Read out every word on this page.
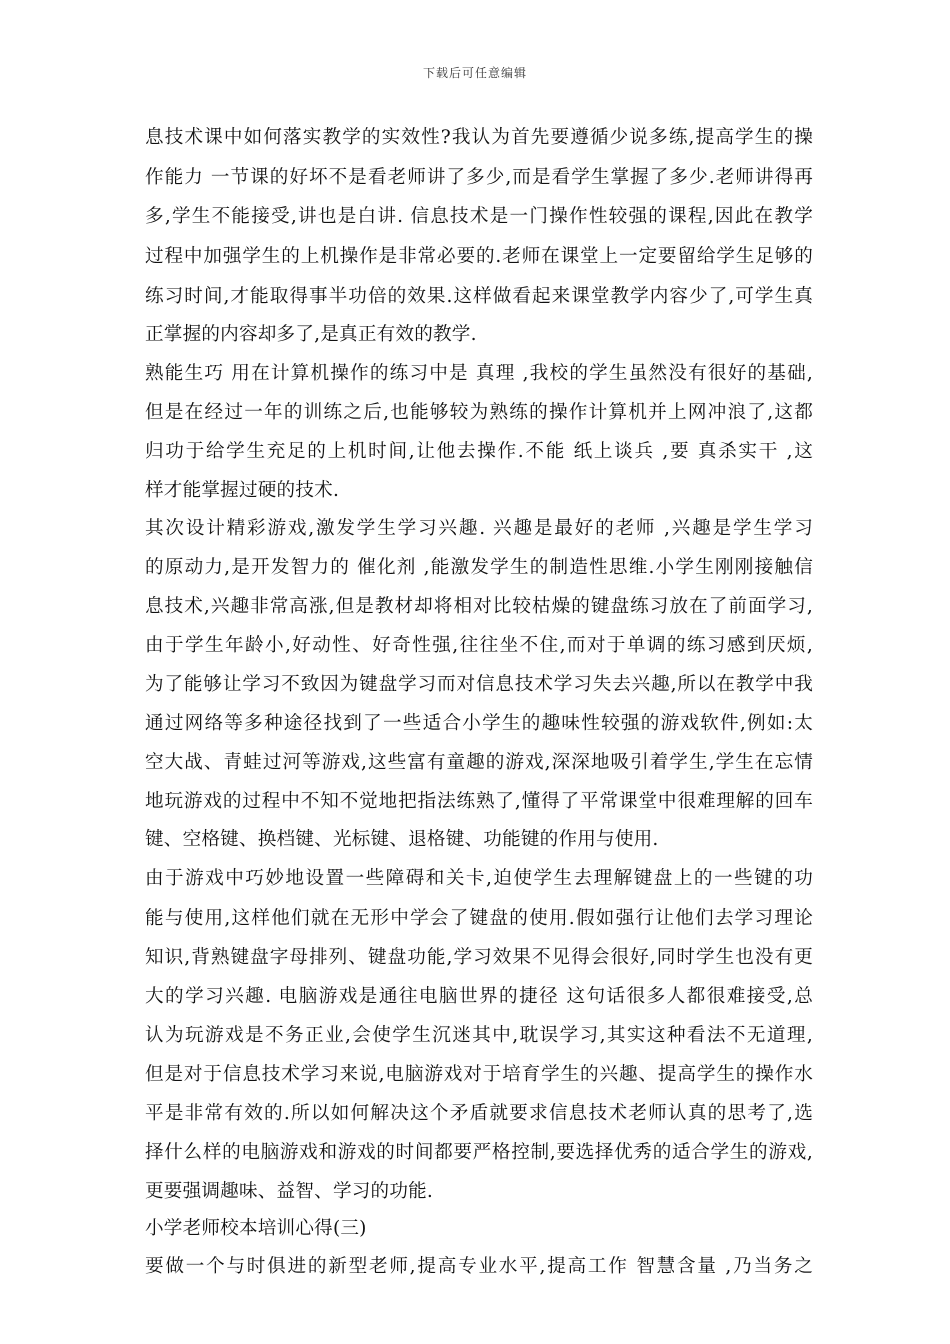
下载后可任意编辑
息技术课中如何落实教学的实效性?我认为首先要遵循少说多练,提高学生的操
作能力 一节课的好坏不是看老师讲了多少,而是看学生掌握了多少.老师讲得再
多,学生不能接受,讲也是白讲. 信息技术是一门操作性较强的课程,因此在教学
过程中加强学生的上机操作是非常必要的.老师在课堂上一定要留给学生足够的
练习时间,才能取得事半功倍的效果.这样做看起来课堂教学内容少了,可学生真
正掌握的内容却多了,是真正有效的教学.
熟能生巧 用在计算机操作的练习中是 真理 ,我校的学生虽然没有很好的基础,
但是在经过一年的训练之后,也能够较为熟练的操作计算机并上网冲浪了,这都
归功于给学生充足的上机时间,让他去操作.不能 纸上谈兵 ,要 真杀实干 ,这
样才能掌握过硬的技术.
其次设计精彩游戏,激发学生学习兴趣. 兴趣是最好的老师 ,兴趣是学生学习
的原动力,是开发智力的 催化剂 ,能激发学生的制造性思维.小学生刚刚接触信
息技术,兴趣非常高涨,但是教材却将相对比较枯燥的键盘练习放在了前面学习,
由于学生年龄小,好动性、好奇性强,往往坐不住,而对于单调的练习感到厌烦,
为了能够让学习不致因为键盘学习而对信息技术学习失去兴趣,所以在教学中我
通过网络等多种途径找到了一些适合小学生的趣味性较强的游戏软件,例如:太
空大战、青蛙过河等游戏,这些富有童趣的游戏,深深地吸引着学生,学生在忘情
地玩游戏的过程中不知不觉地把指法练熟了,懂得了平常课堂中很难理解的回车
键、空格键、换档键、光标键、退格键、功能键的作用与使用.
由于游戏中巧妙地设置一些障碍和关卡,迫使学生去理解键盘上的一些键的功
能与使用,这样他们就在无形中学会了键盘的使用.假如强行让他们去学习理论
知识,背熟键盘字母排列、键盘功能,学习效果不见得会很好,同时学生也没有更
大的学习兴趣. 电脑游戏是通往电脑世界的捷径 这句话很多人都很难接受,总
认为玩游戏是不务正业,会使学生沉迷其中,耽误学习,其实这种看法不无道理,
但是对于信息技术学习来说,电脑游戏对于培育学生的兴趣、提高学生的操作水
平是非常有效的.所以如何解决这个矛盾就要求信息技术老师认真的思考了,选
择什么样的电脑游戏和游戏的时间都要严格控制,要选择优秀的适合学生的游戏,
更要强调趣味、益智、学习的功能.
小学老师校本培训心得(三)
要做一个与时俱进的新型老师,提高专业水平,提高工作 智慧含量 ,乃当务之
